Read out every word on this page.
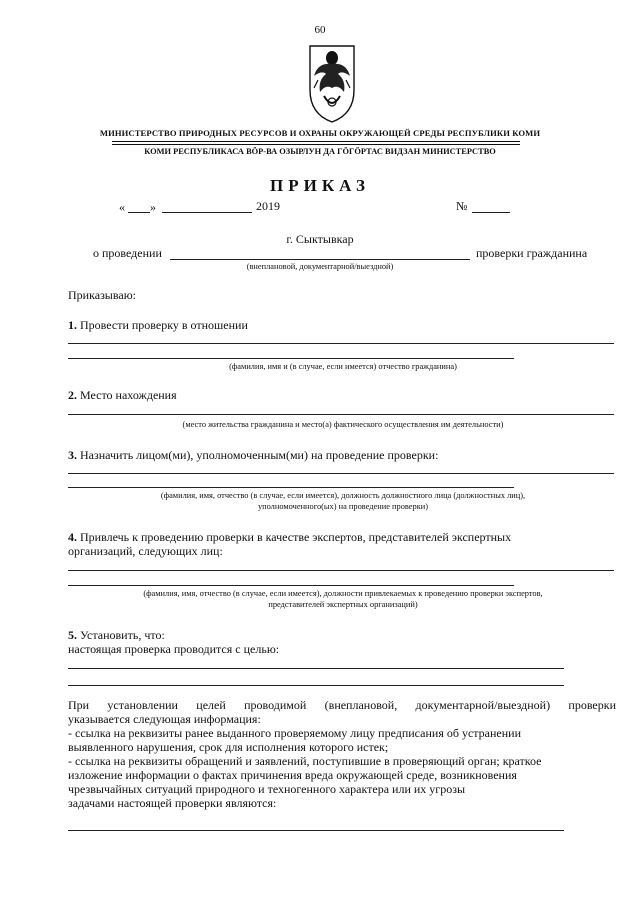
60
МИНИСТЕРСТВО ПРИРОДНЫХ РЕСУРСОВ И ОХРАНЫ ОКРУЖАЮЩЕЙ СРЕДЫ РЕСПУБЛИКИ КОМИ
КОМИ РЕСПУБЛИКАСА ВӦР-ВА ОЗЫРЛУН ДА ГӦГӦРТАС ВИДЗАН МИНИСТЕРСТВО
ПРИКАЗ
« »	2019	№
г. Сыктывкар
о проведении	проверки гражданина
(внеплановой, документарной/выездной)
Приказываю:
1. Провести проверку в отношении
(фамилия, имя и (в случае, если имеется) отчество гражданина)
2. Место нахождения
(место жительства гражданина и место(а) фактического осуществления им деятельности)
3. Назначить лицом(ми), уполномоченным(ми) на проведение проверки:
(фамилия, имя, отчество (в случае, если имеется), должность должностного лица (должностных лиц),
уполномоченного(ых) на проведение проверки)
4. Привлечь к проведению проверки в качестве экспертов, представителей экспертных
организаций, следующих лиц:
(фамилия, имя, отчество (в случае, если имеется), должности привлекаемых к проведению проверки экспертов,
представителей экспертных организаций)
5. Установить, что:
настоящая проверка проводится с целью:
При установлении целей проводимой (внеплановой, документарной/выездной) проверки
указывается следующая информация:
- ссылка на реквизиты ранее выданного проверяемому лицу предписания об устранении
выявленного нарушения, срок для исполнения которого истек;
- ссылка на реквизиты обращений и заявлений, поступившие в проверяющий орган; краткое
изложение информации о фактах причинения вреда окружающей среде, возникновения
чрезвычайных ситуаций природного и техногенного характера или их угрозы
задачами настоящей проверки являются:
